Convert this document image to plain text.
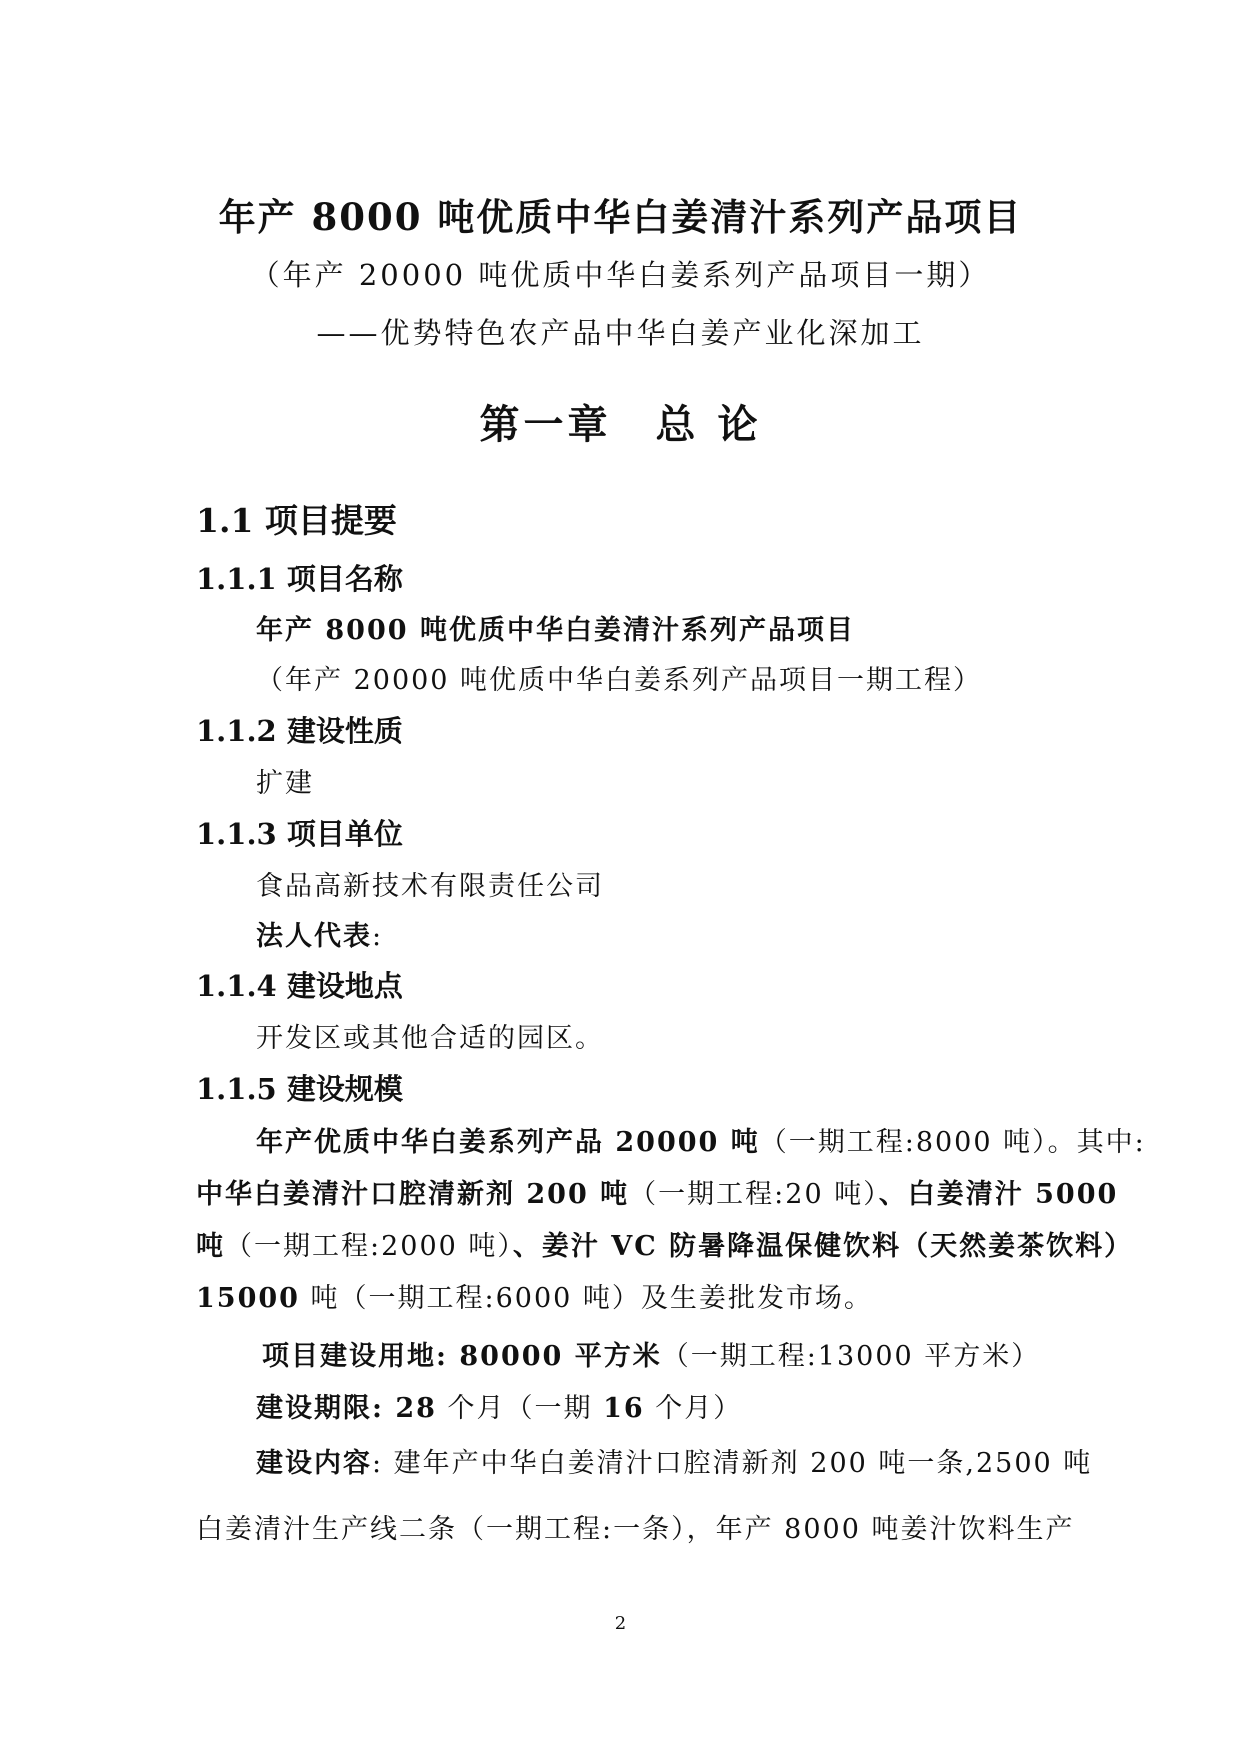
年产 8000 吨优质中华白姜清汁系列产品项目
（年产 20000 吨优质中华白姜系列产品项目一期）
——优势特色农产品中华白姜产业化深加工
第一章　总 论
1.1 项目提要
1.1.1 项目名称
年产 8000 吨优质中华白姜清汁系列产品项目
（年产 20000 吨优质中华白姜系列产品项目一期工程）
1.1.2 建设性质
扩建
1.1.3 项目单位
食品高新技术有限责任公司
法人代表:
1.1.4 建设地点
开发区或其他合适的园区。
1.1.5 建设规模
年产优质中华白姜系列产品 20000 吨（一期工程:8000 吨）。其中:
中华白姜清汁口腔清新剂 200 吨（一期工程:20 吨）、白姜清汁 5000
吨（一期工程:2000 吨）、姜汁 VC 防暑降温保健饮料（天然姜茶饮料）
15000 吨（一期工程:6000 吨）及生姜批发市场。
项目建设用地: 80000 平方米（一期工程:13000 平方米）
建设期限: 28 个月（一期 16 个月）
建设内容: 建年产中华白姜清汁口腔清新剂 200 吨一条,2500 吨
白姜清汁生产线二条（一期工程:一条），年产 8000 吨姜汁饮料生产
2
